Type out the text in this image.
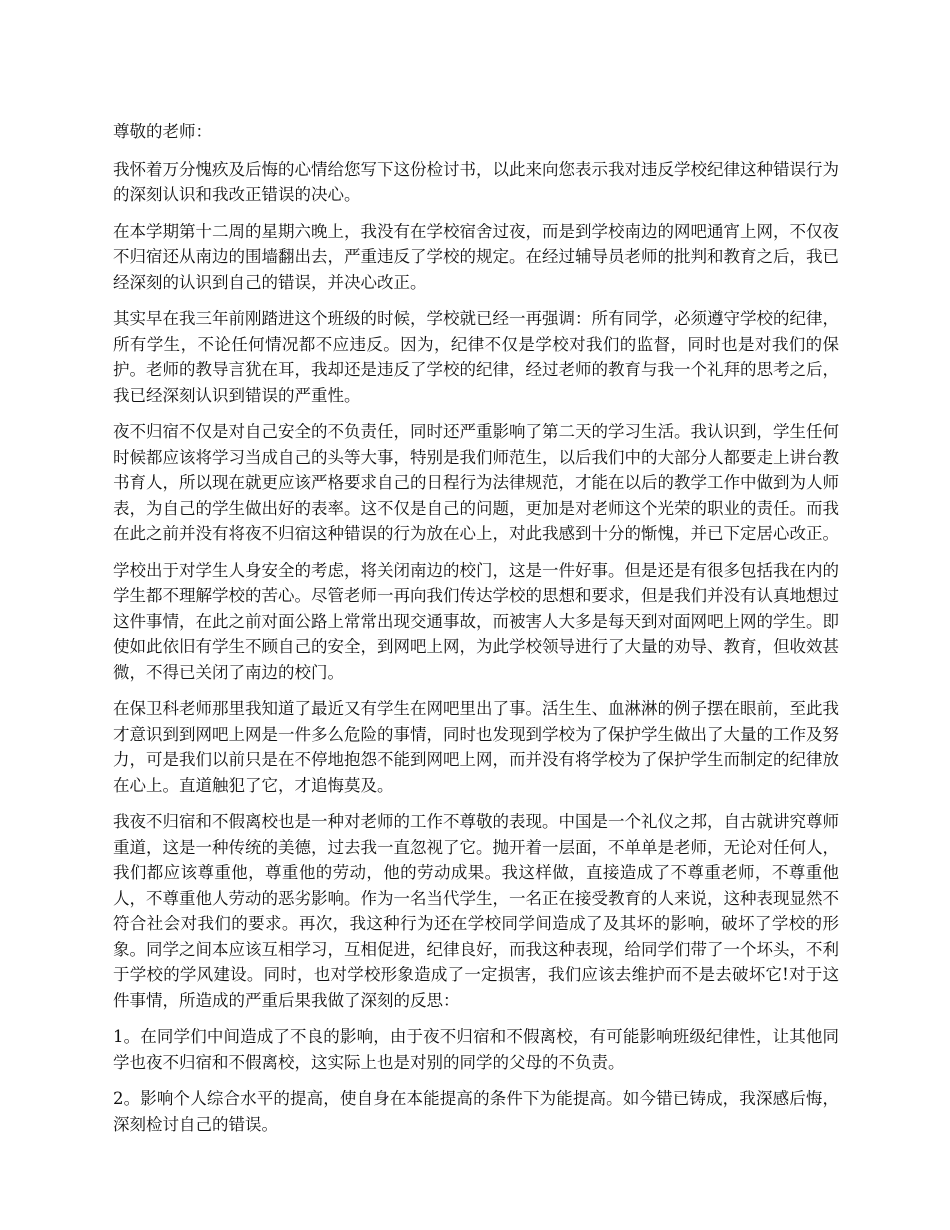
尊敬的老师：

我怀着万分愧疚及后悔的心情给您写下这份检讨书，以此来向您表示我对违反学校纪律这种错误行为的深刻认识和我改正错误的决心。

在本学期第十二周的星期六晚上，我没有在学校宿舍过夜，而是到学校南边的网吧通宵上网，不仅夜不归宿还从南边的围墙翻出去，严重违反了学校的规定。在经过辅导员老师的批判和教育之后，我已经深刻的认识到自己的错误，并决心改正。

其实早在我三年前刚踏进这个班级的时候，学校就已经一再强调：所有同学，必须遵守学校的纪律，所有学生，不论任何情况都不应违反。因为，纪律不仅是学校对我们的监督，同时也是对我们的保护。老师的教导言犹在耳，我却还是违反了学校的纪律，经过老师的教育与我一个礼拜的思考之后，我已经深刻认识到错误的严重性。

夜不归宿不仅是对自己安全的不负责任，同时还严重影响了第二天的学习生活。我认识到，学生任何时候都应该将学习当成自己的头等大事，特别是我们师范生，以后我们中的大部分人都要走上讲台教书育人，所以现在就更应该严格要求自己的日程行为法律规范，才能在以后的教学工作中做到为人师表，为自己的学生做出好的表率。这不仅是自己的问题，更加是对老师这个光荣的职业的责任。而我在此之前并没有将夜不归宿这种错误的行为放在心上，对此我感到十分的惭愧，并已下定居心改正。

学校出于对学生人身安全的考虑，将关闭南边的校门，这是一件好事。但是还是有很多包括我在内的学生都不理解学校的苦心。尽管老师一再向我们传达学校的思想和要求，但是我们并没有认真地想过这件事情，在此之前对面公路上常常出现交通事故，而被害人大多是每天到对面网吧上网的学生。即使如此依旧有学生不顾自己的安全，到网吧上网，为此学校领导进行了大量的劝导、教育，但收效甚微，不得已关闭了南边的校门。

在保卫科老师那里我知道了最近又有学生在网吧里出了事。活生生、血淋淋的例子摆在眼前，至此我才意识到到网吧上网是一件多么危险的事情，同时也发现到学校为了保护学生做出了大量的工作及努力，可是我们以前只是在不停地抱怨不能到网吧上网，而并没有将学校为了保护学生而制定的纪律放在心上。直道触犯了它，才追悔莫及。

我夜不归宿和不假离校也是一种对老师的工作不尊敬的表现。中国是一个礼仪之邦，自古就讲究尊师重道，这是一种传统的美德，过去我一直忽视了它。抛开着一层面，不单单是老师，无论对任何人，我们都应该尊重他，尊重他的劳动，他的劳动成果。我这样做，直接造成了不尊重老师，不尊重他人，不尊重他人劳动的恶劣影响。作为一名当代学生，一名正在接受教育的人来说，这种表现显然不符合社会对我们的要求。再次，我这种行为还在学校同学间造成了及其坏的影响，破坏了学校的形象。同学之间本应该互相学习，互相促进，纪律良好，而我这种表现，给同学们带了一个坏头，不利于学校的学风建设。同时，也对学校形象造成了一定损害，我们应该去维护而不是去破坏它!对于这件事情，所造成的严重后果我做了深刻的反思：

1。在同学们中间造成了不良的影响，由于夜不归宿和不假离校，有可能影响班级纪律性，让其他同学也夜不归宿和不假离校，这实际上也是对别的同学的父母的不负责。

2。影响个人综合水平的提高，使自身在本能提高的条件下为能提高。如今错已铸成，我深感后悔，深刻检讨自己的错误。
